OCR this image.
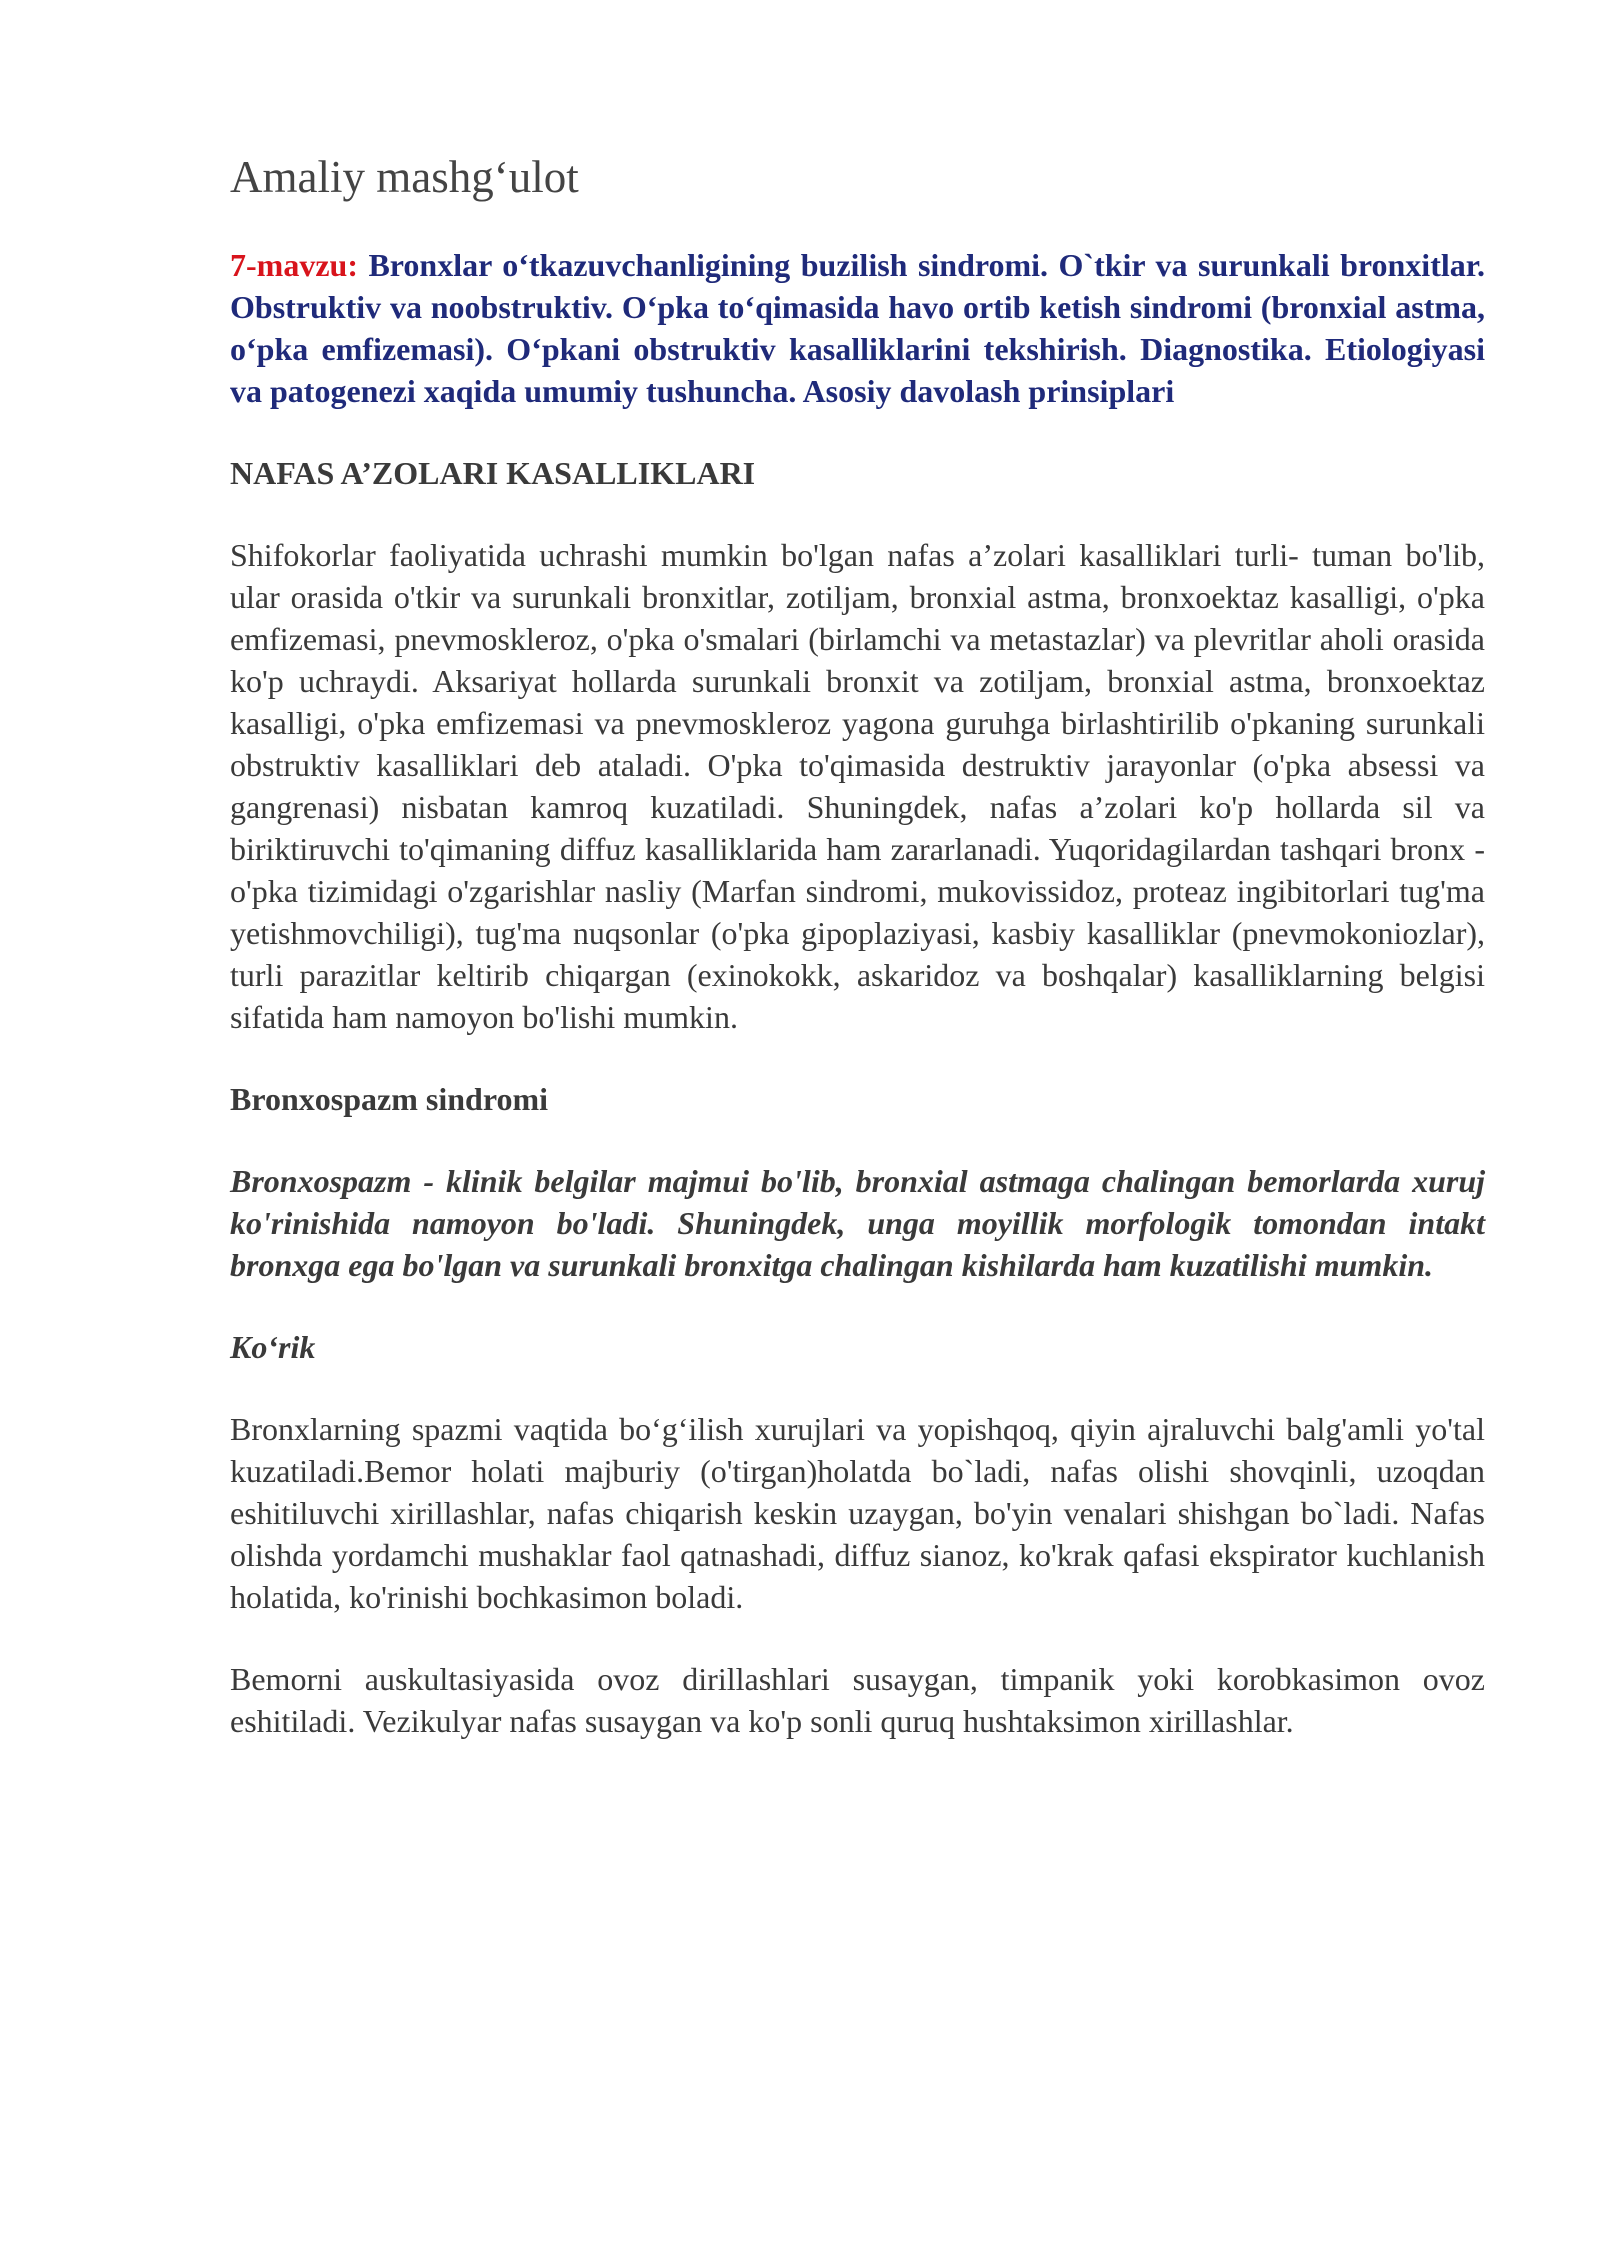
Amaliy mashg‘ulot

7-mavzu: Bronxlar o‘tkazuvchanligining buzilish sindromi. O`tkir va surunkali bronxitlar. Obstruktiv va noobstruktiv. O‘pka to‘qimasida havo ortib ketish sindromi (bronxial astma, o‘pka emfizemasi). O‘pkani obstruktiv kasalliklarini tekshirish. Diagnostika. Etiologiyasi va patogenezi xaqida umumiy tushuncha. Asosiy davolash prinsiplari

NAFAS A’ZOLARI KASALLIKLARI

Shifokorlar faoliyatida uchrashi mumkin bo'lgan nafas a’zolari kasalliklari turli- tuman bo'lib, ular orasida o'tkir va surunkali bronxitlar, zotiljam, bronxial astma, bronxoektaz kasalligi, o'pka emfizemasi, pnevmoskleroz, o'pka o'smalari (birlamchi va metastazlar) va plevritlar aholi orasida ko'p uchraydi. Aksariyat hollarda surunkali bronxit va zotiljam, bronxial astma, bronxoektaz kasalligi, o'pka emfizemasi va pnevmoskleroz yagona guruhga birlashtirilib o'pkaning surunkali obstruktiv kasalliklari deb ataladi. O'pka to'qimasida destruktiv jarayonlar (o'pka absessi va gangrenasi) nisbatan kamroq kuzatiladi. Shuningdek, nafas a’zolari ko'p hollarda sil va biriktiruvchi to'qimaning diffuz kasalliklarida ham zararlanadi. Yuqoridagilardan tashqari bronx - o'pka tizimidagi o'zgarishlar nasliy (Marfan sindromi, mukovissidoz, proteaz ingibitorlari tug'ma yetishmovchiligi), tug'ma nuqsonlar (o'pka gipoplaziyasi, kasbiy kasalliklar (pnevmokoniozlar), turli parazitlar keltirib chiqargan (exinokokk, askaridoz va boshqalar) kasalliklarning belgisi sifatida ham namoyon bo'lishi mumkin.

Bronxospazm sindromi

Bronxospazm - klinik belgilar majmui bo'lib, bronxial astmaga chalingan bemorlarda xuruj ko'rinishida namoyon bo'ladi. Shuningdek, unga moyillik morfologik tomondan intakt bronxga ega bo'lgan va surunkali bronxitga chalingan kishilarda ham kuzatilishi mumkin.

Ko‘rik

Bronxlarning spazmi vaqtida bo‘g‘ilish xurujlari va yopishqoq, qiyin ajraluvchi balg'amli yo'tal kuzatiladi.Bemor holati majburiy (o'tirgan)holatda bo`ladi, nafas olishi shovqinli, uzoqdan eshitiluvchi xirillashlar, nafas chiqarish keskin uzaygan, bo'yin venalari shishgan bo`ladi. Nafas olishda yordamchi mushaklar faol qatnashadi, diffuz sianoz, ko'krak qafasi ekspirator kuchlanish holatida, ko'rinishi bochkasimon boladi.

Bemorni auskultasiyasida ovoz dirillashlari susaygan, timpanik yoki korobkasimon ovoz eshitiladi. Vezikulyar nafas susaygan va ko'p sonli quruq hushtaksimon xirillashlar.
